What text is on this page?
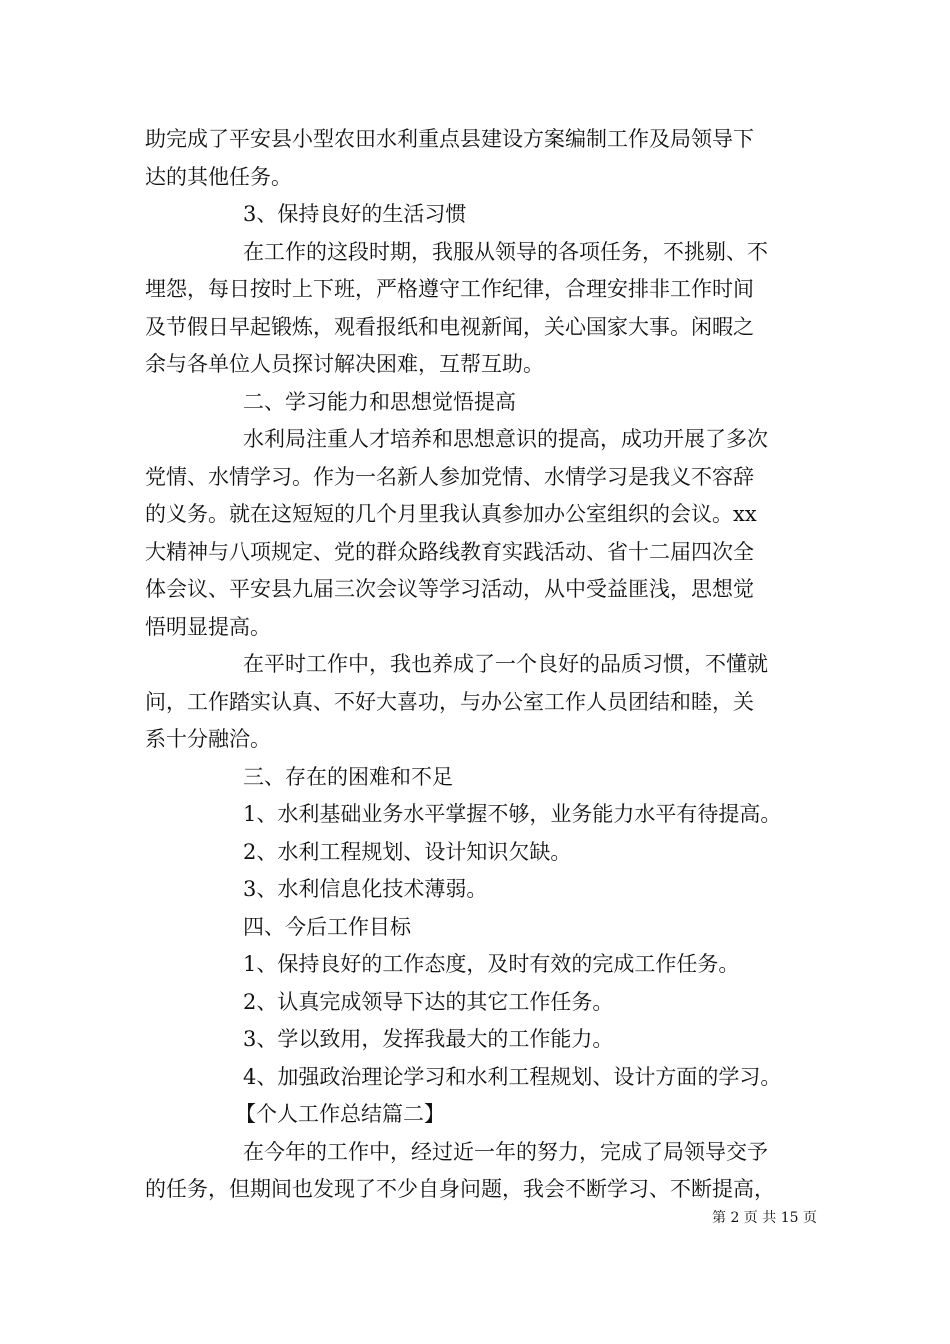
助完成了平安县小型农田水利重点县建设方案编制工作及局领导下
达的其他任务。
3、保持良好的生活习惯
在工作的这段时期，我服从领导的各项任务，不挑剔、不
埋怨，每日按时上下班，严格遵守工作纪律，合理安排非工作时间
及节假日早起锻炼，观看报纸和电视新闻，关心国家大事。闲暇之
余与各单位人员探讨解决困难，互帮互助。
二、学习能力和思想觉悟提高
水利局注重人才培养和思想意识的提高，成功开展了多次
党情、水情学习。作为一名新人参加党情、水情学习是我义不容辞
的义务。就在这短短的几个月里我认真参加办公室组织的会议。xx
大精神与八项规定、党的群众路线教育实践活动、省十二届四次全
体会议、平安县九届三次会议等学习活动，从中受益匪浅，思想觉
悟明显提高。
在平时工作中，我也养成了一个良好的品质习惯，不懂就
问，工作踏实认真、不好大喜功，与办公室工作人员团结和睦，关
系十分融洽。
三、存在的困难和不足
1、水利基础业务水平掌握不够，业务能力水平有待提高。
2、水利工程规划、设计知识欠缺。
3、水利信息化技术薄弱。
四、今后工作目标
1、保持良好的工作态度，及时有效的完成工作任务。
2、认真完成领导下达的其它工作任务。
3、学以致用，发挥我最大的工作能力。
4、加强政治理论学习和水利工程规划、设计方面的学习。
【个人工作总结篇二】
在今年的工作中，经过近一年的努力，完成了局领导交予
的任务，但期间也发现了不少自身问题，我会不断学习、不断提高，
第 2 页 共 15 页
